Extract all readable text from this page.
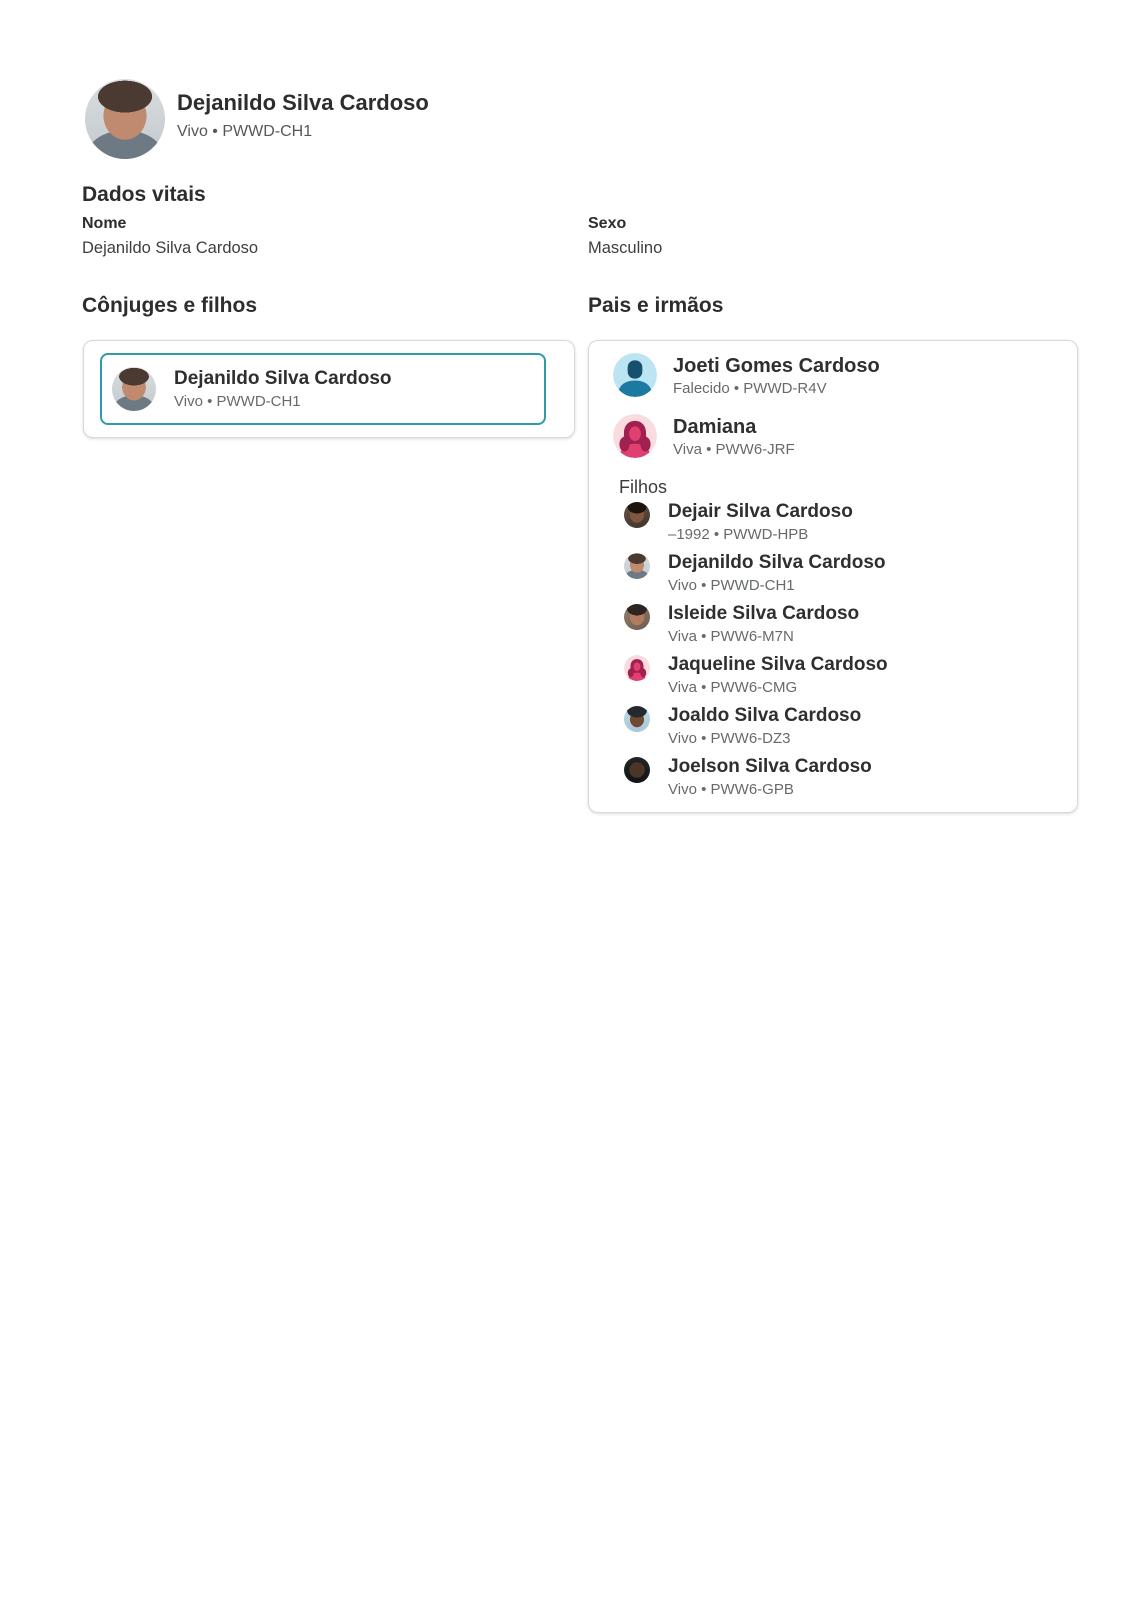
Dejanildo Silva Cardoso
Vivo • PWWD-CH1
Dados vitais
Nome
Dejanildo Silva Cardoso
Sexo
Masculino
Cônjuges e filhos
Dejanildo Silva Cardoso
Vivo • PWWD-CH1
Pais e irmãos
Joeti Gomes Cardoso
Falecido • PWWD-R4V
Damiana
Viva • PWW6-JRF
Filhos
Dejair Silva Cardoso
–1992 • PWWD-HPB
Dejanildo Silva Cardoso
Vivo • PWWD-CH1
Isleide Silva Cardoso
Viva • PWW6-M7N
Jaqueline Silva Cardoso
Viva • PWW6-CMG
Joaldo Silva Cardoso
Vivo • PWW6-DZ3
Joelson Silva Cardoso
Vivo • PWW6-GPB
